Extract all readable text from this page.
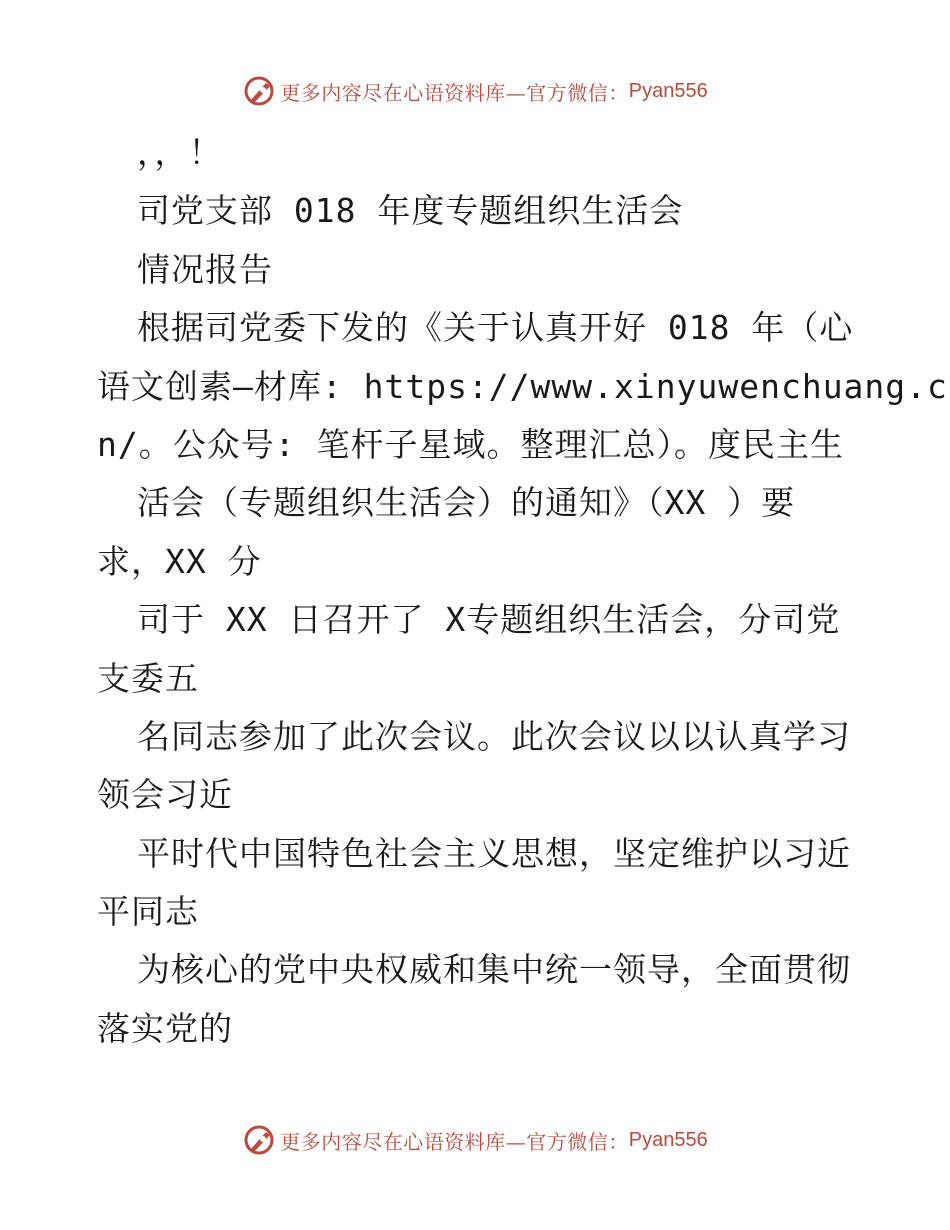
更多内容尽在心语资料库—官方微信： Pyan556
，，！
司党支部 018 年度专题组织生活会
情况报告
根据司党委下发的《关于认真开好 018 年（心
语文创素—材库: https://www.xinyuwenchuang.c
n/。公众号: 笔杆子星域。整理汇总）。度民主生
活会（专题组织生活会）的通知》（XX ）要
求，XX 分
司于 XX 日召开了 X专题组织生活会，分司党
支委五
名同志参加了此次会议。此次会议以以认真学习
领会习近
平时代中国特色社会主义思想，坚定维护以习近
平同志
为核心的党中央权威和集中统一领导，全面贯彻
落实党的
更多内容尽在心语资料库—官方微信： Pyan556
